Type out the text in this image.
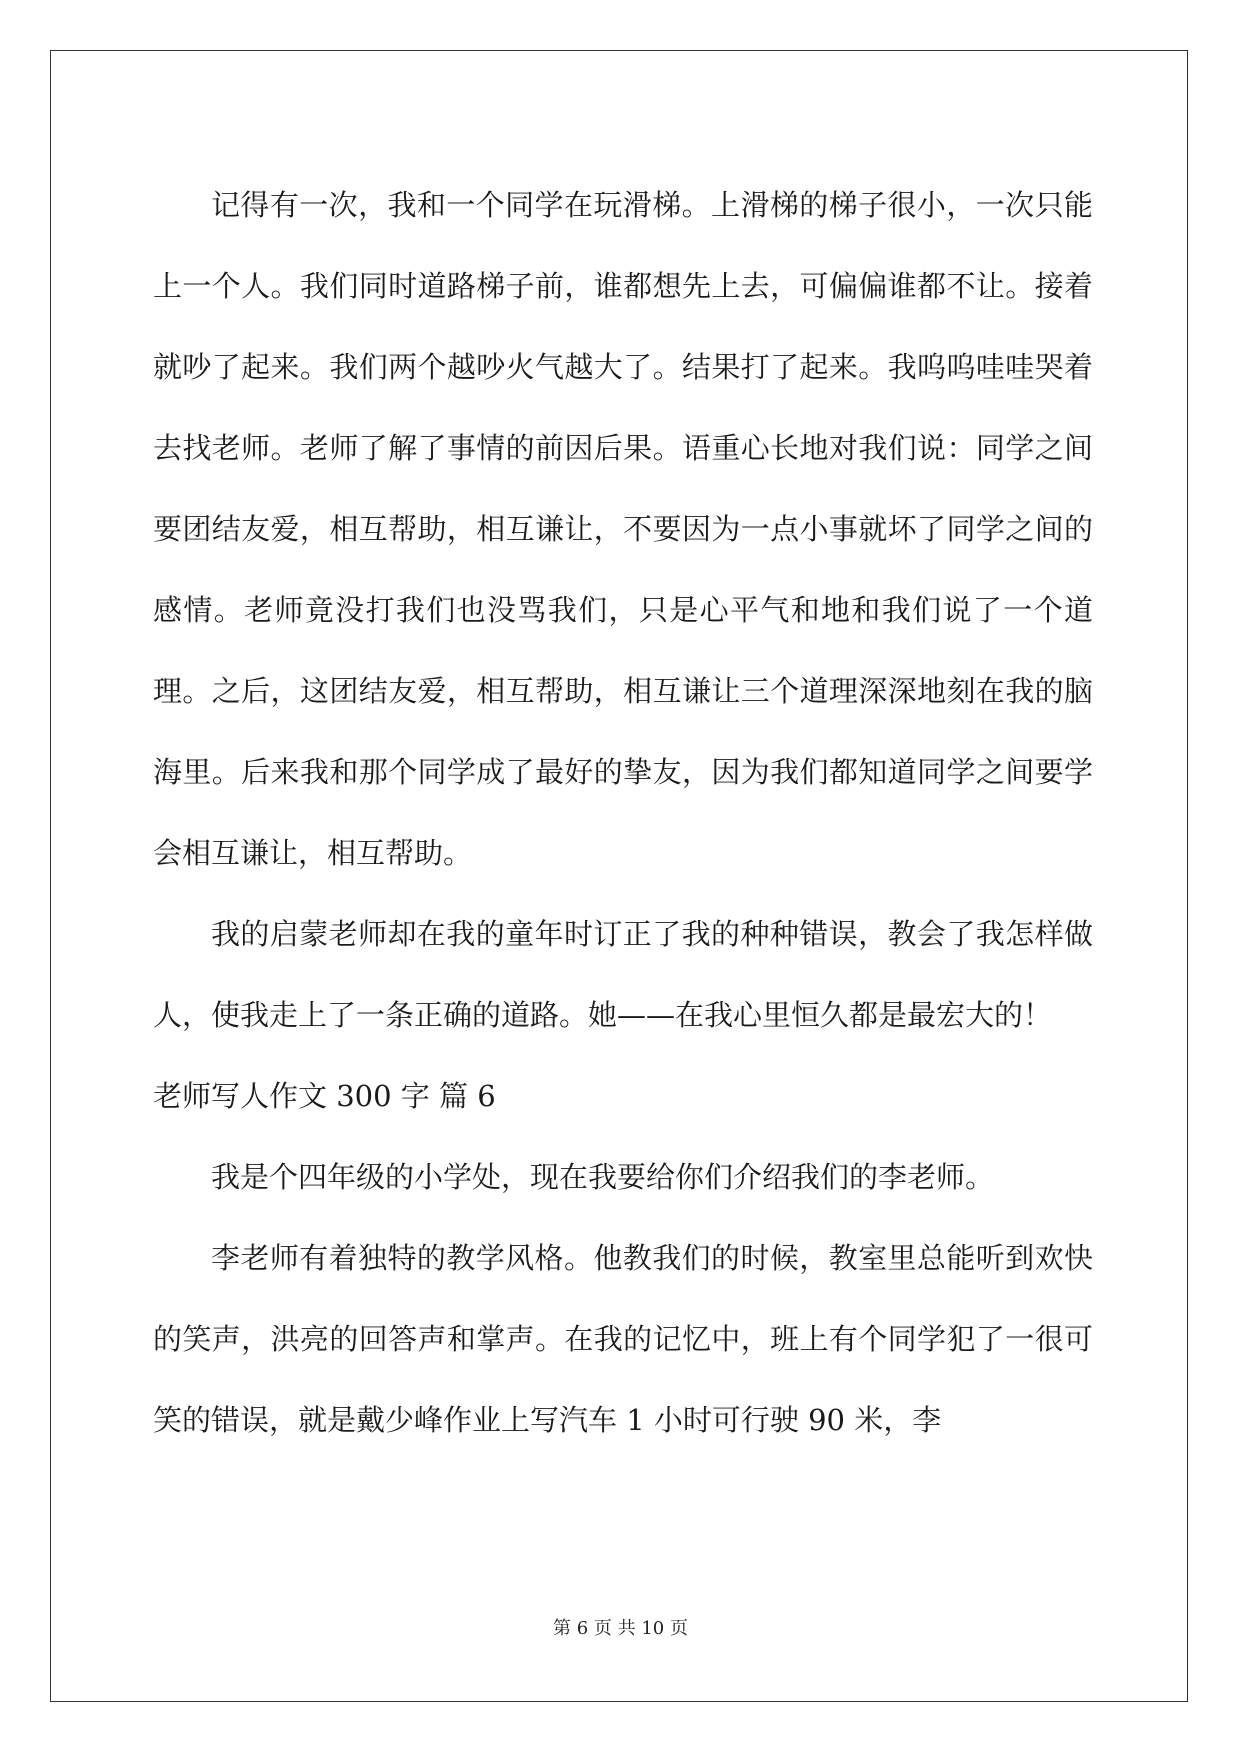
记得有一次，我和一个同学在玩滑梯。上滑梯的梯子很小，一次只能上一个人。我们同时道路梯子前，谁都想先上去，可偏偏谁都不让。接着就吵了起来。我们两个越吵火气越大了。结果打了起来。我呜呜哇哇哭着去找老师。老师了解了事情的前因后果。语重心长地对我们说：同学之间要团结友爱，相互帮助，相互谦让，不要因为一点小事就坏了同学之间的感情。老师竟没打我们也没骂我们，只是心平气和地和我们说了一个道理。之后，这团结友爱，相互帮助，相互谦让三个道理深深地刻在我的脑海里。后来我和那个同学成了最好的挚友，因为我们都知道同学之间要学会相互谦让，相互帮助。

我的启蒙老师却在我的童年时订正了我的种种错误，教会了我怎样做人，使我走上了一条正确的道路。她——在我心里恒久都是最宏大的！

老师写人作文 300 字 篇 6

我是个四年级的小学处，现在我要给你们介绍我们的李老师。

李老师有着独特的教学风格。他教我们的时候，教室里总能听到欢快的笑声，洪亮的回答声和掌声。在我的记忆中，班上有个同学犯了一很可笑的错误，就是戴少峰作业上写汽车 1 小时可行驶 90 米，李

第 6 页 共 10 页
